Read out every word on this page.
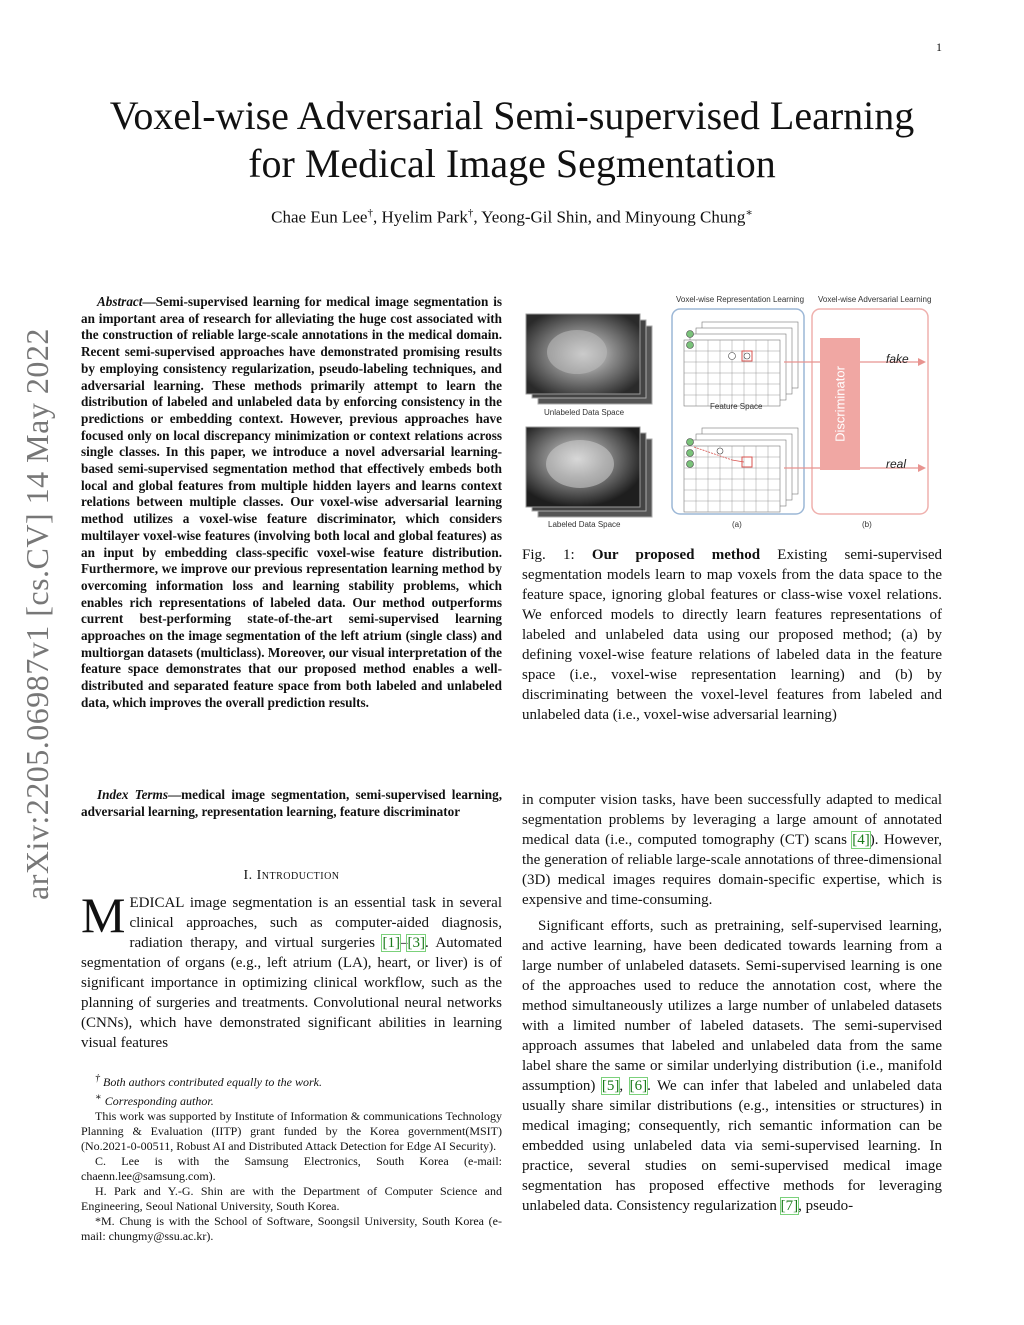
1
arXiv:2205.06987v1 [cs.CV] 14 May 2022
Voxel-wise Adversarial Semi-supervised Learning
for Medical Image Segmentation
Chae Eun Lee†, Hyelim Park†, Yeong-Gil Shin, and Minyoung Chung∗
Abstract—Semi-supervised learning for medical image segmentation is an important area of research for alleviating the huge cost associated with the construction of reliable large-scale annotations in the medical domain. Recent semi-supervised approaches have demonstrated promising results by employing consistency regularization, pseudo-labeling techniques, and adversarial learning. These methods primarily attempt to learn the distribution of labeled and unlabeled data by enforcing consistency in the predictions or embedding context. However, previous approaches have focused only on local discrepancy minimization or context relations across single classes. In this paper, we introduce a novel adversarial learning-based semi-supervised segmentation method that effectively embeds both local and global features from multiple hidden layers and learns context relations between multiple classes. Our voxel-wise adversarial learning method utilizes a voxel-wise feature discriminator, which considers multilayer voxel-wise features (involving both local and global features) as an input by embedding class-specific voxel-wise feature distribution. Furthermore, we improve our previous representation learning method by overcoming information loss and learning stability problems, which enables rich representations of labeled data. Our method outperforms current best-performing state-of-the-art semi-supervised learning approaches on the image segmentation of the left atrium (single class) and multiorgan datasets (multiclass). Moreover, our visual interpretation of the feature space demonstrates that our proposed method enables a well-distributed and separated feature space from both labeled and unlabeled data, which improves the overall prediction results.
Index Terms—medical image segmentation, semi-supervised learning, adversarial learning, representation learning, feature discriminator
I. Introduction
MEDICAL image segmentation is an essential task in several clinical approaches, such as computer-aided diagnosis, radiation therapy, and virtual surgeries [1]–[3]. Automated segmentation of organs (e.g., left atrium (LA), heart, or liver) is of significant importance in optimizing clinical workflow, such as the planning of surgeries and treatments. Convolutional neural networks (CNNs), which have demonstrated significant abilities in learning visual features

† Both authors contributed equally to the work.

∗ Corresponding author.

This work was supported by Institute of Information & communications Technology Planning & Evaluation (IITP) grant funded by the Korea government(MSIT) (No.2021-0-00511, Robust AI and Distributed Attack Detection for Edge AI Security).

C. Lee is with the Samsung Electronics, South Korea (e-mail: chaenn.lee@samsung.com).

H. Park and Y.-G. Shin are with the Department of Computer Science and Engineering, Seoul National University, South Korea.

*M. Chung is with the School of Software, Soongsil University, South Korea (e-mail: chungmy@ssu.ac.kr).

Voxel-wise Representation Learning Voxel-wise Adversarial Learning
Unlabeled Data Space
Labeled Data Space
Feature Space	Discriminator
fake
real
(a)	(b)
Fig. 1: Our proposed method Existing semi-supervised segmentation models learn to map voxels from the data space to the feature space, ignoring global features or class-wise voxel relations. We enforced models to directly learn features representations of labeled and unlabeled data using our proposed method; (a) by defining voxel-wise feature relations of labeled data in the feature space (i.e., voxel-wise representation learning) and (b) by discriminating between the voxel-level features from labeled and unlabeled data (i.e., voxel-wise adversarial learning)

in computer vision tasks, have been successfully adapted to medical segmentation problems by leveraging a large amount of annotated medical data (i.e., computed tomography (CT) scans [4]). However, the generation of reliable large-scale annotations of three-dimensional (3D) medical images requires domain-specific expertise, which is expensive and time-consuming.

Significant efforts, such as pretraining, self-supervised learning, and active learning, have been dedicated towards learning from a large number of unlabeled datasets. Semi-supervised learning is one of the approaches used to reduce the annotation cost, where the method simultaneously utilizes a large number of unlabeled datasets with a limited number of labeled datasets. The semi-supervised approach assumes that labeled and unlabeled data from the same label share the same or similar underlying distribution (i.e., manifold assumption) [5], [6]. We can infer that labeled and unlabeled data usually share similar distributions (e.g., intensities or structures) in medical imaging; consequently, rich semantic information can be embedded using unlabeled data via semi-supervised learning. In practice, several studies on semi-supervised medical image segmentation has proposed effective methods for leveraging unlabeled data. Consistency regularization [7], pseudo-
